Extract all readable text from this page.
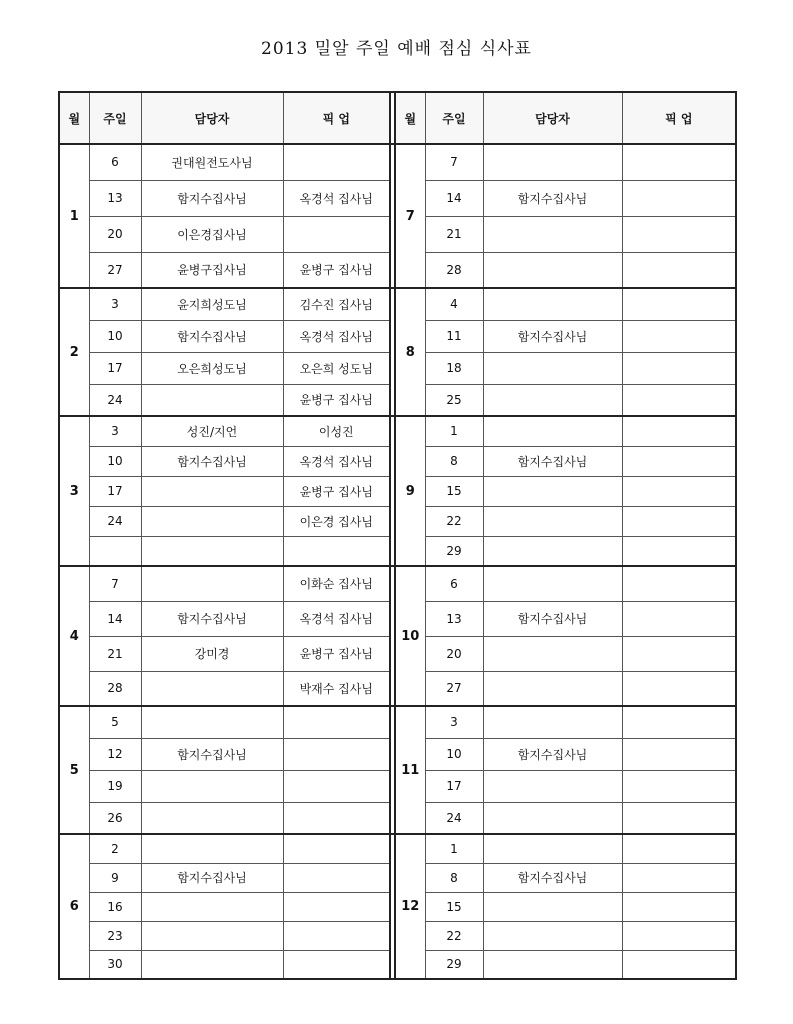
2013 밀알 주일 예배 점심 식사표
월	주일	담당자	픽 업		월	주일	담당자	픽 업
1	6	권대원전도사님			7	7		
	13	함지수집사님	옥경석 집사님			14	함지수집사님	
	20	이은경집사님				21		
	27	윤병구집사님	윤병구 집사님			28		
2	3	윤지희성도님	김수진 집사님		8	4		
	10	함지수집사님	옥경석 집사님			11	함지수집사님	
	17	오은희성도님	오은희 성도님			18		
	24		윤병구 집사님			25		
3	3	성진/지언	이성진		9	1		
	10	함지수집사님	옥경석 집사님			8	함지수집사님	
	17		윤병구 집사님			15		
	24		이은경 집사님			22		
						29		
4	7		이화순 집사님		10	6		
	14	함지수집사님	옥경석 집사님			13	함지수집사님	
	21	강미경	윤병구 집사님			20		
	28		박재수 집사님			27		
5	5				11	3		
	12	함지수집사님				10	함지수집사님	
	19					17		
	26					24		
6	2				12	1		
	9	함지수집사님				8	함지수집사님	
	16					15		
	23					22		
	30					29		
